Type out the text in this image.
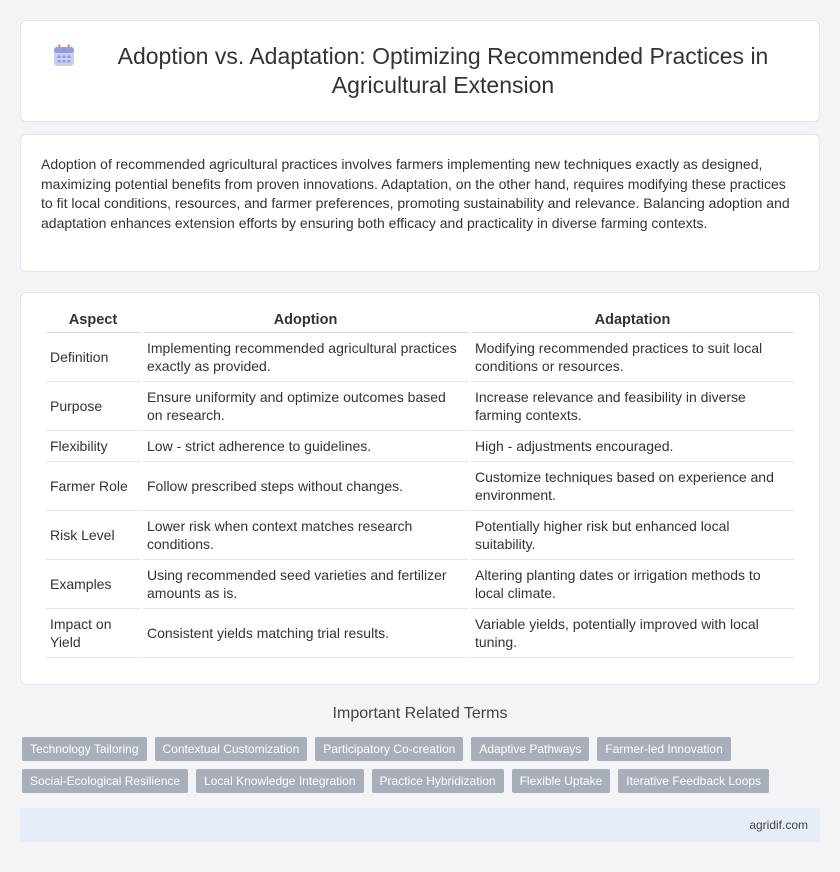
Adoption vs. Adaptation: Optimizing Recommended Practices in Agricultural Extension

Adoption of recommended agricultural practices involves farmers implementing new techniques exactly as designed, maximizing potential benefits from proven innovations. Adaptation, on the other hand, requires modifying these practices to fit local conditions, resources, and farmer preferences, promoting sustainability and relevance. Balancing adoption and adaptation enhances extension efforts by ensuring both efficacy and practicality in diverse farming contexts.

Aspect	Adoption	Adaptation
Definition	Implementing recommended agricultural practices exactly as provided.	Modifying recommended practices to suit local conditions or resources.
Purpose	Ensure uniformity and optimize outcomes based on research.	Increase relevance and feasibility in diverse farming contexts.
Flexibility	Low - strict adherence to guidelines.	High - adjustments encouraged.
Farmer Role	Follow prescribed steps without changes.	Customize techniques based on experience and environment.
Risk Level	Lower risk when context matches research conditions.	Potentially higher risk but enhanced local suitability.
Examples	Using recommended seed varieties and fertilizer amounts as is.	Altering planting dates or irrigation methods to local climate.
Impact on Yield	Consistent yields matching trial results.	Variable yields, potentially improved with local tuning.
Important Related Terms
Technology Tailoring	Contextual Customization	Participatory Co-creation	Adaptive Pathways	Farmer-led Innovation
Social-Ecological Resilience	Local Knowledge Integration	Practice Hybridization	Flexible Uptake	Iterative Feedback Loops
agridif.com
